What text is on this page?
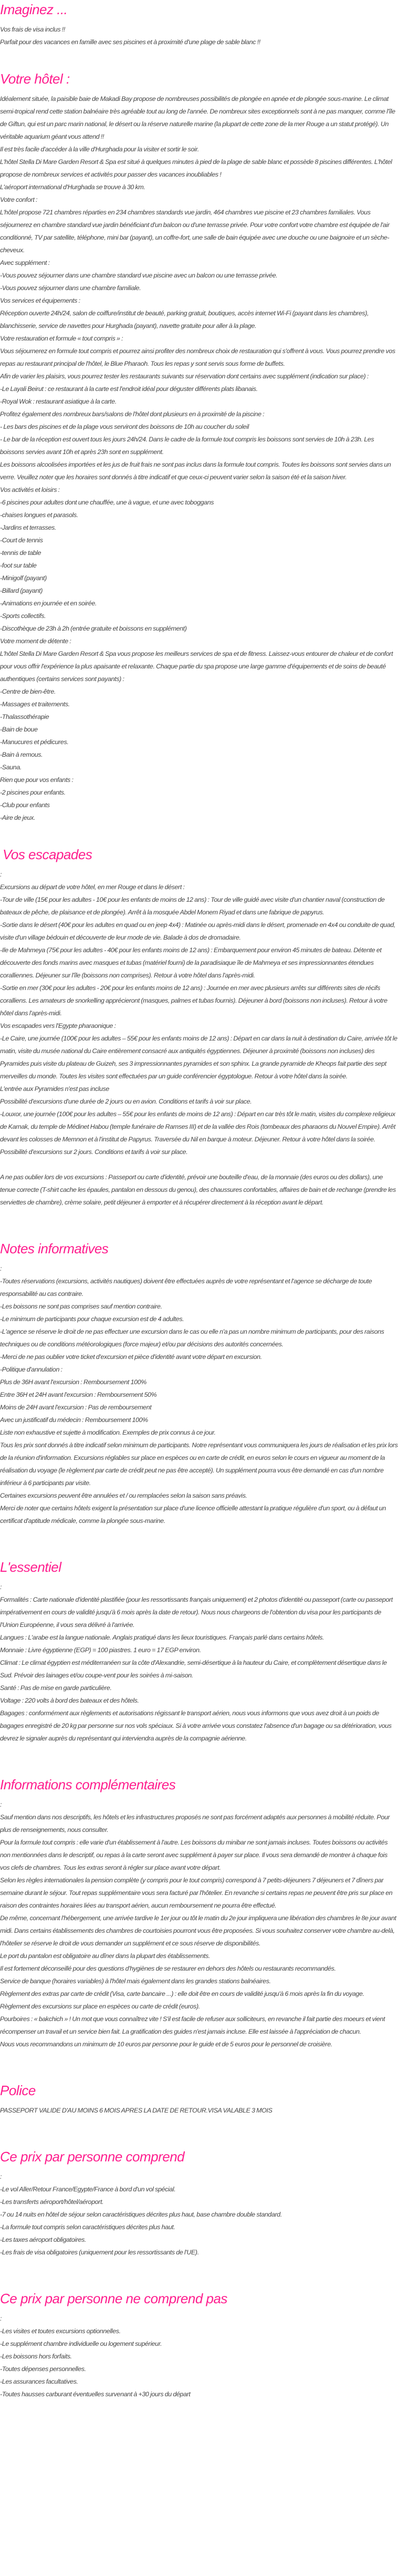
Imaginez ...
Vos frais de visa inclus !!
Parfait pour des vacances en famille avec ses piscines et à proximité d'une plage de sable blanc !!
Votre hôtel :
Idéalement située, la paisible baie de Makadi Bay propose de nombreuses possibilités de plongée en apnée et de plongée sous-marine. Le climat semi-tropical rend cette station balnéaire très agréable tout au long de l'année. De nombreux sites exceptionnels sont à ne pas manquer, comme l'île de Giftun, qui est un parc marin national, le désert ou la réserve naturelle marine (la plupart de cette zone de la mer Rouge a un statut protégé). Un véritable aquarium géant vous attend !!
Il est très facile d'accéder à la ville d'Hurghada pour la visiter et sortir le soir.
L'hôtel Stella Di Mare Garden Resort & Spa est situé à quelques minutes à pied de la plage de sable blanc et possède 8 piscines différentes. L'hôtel propose de nombreux services et activités pour passer des vacances inoubliables !
L'aéroport international d'Hurghada se trouve à 30 km.
Votre confort :
L'hôtel propose 721 chambres réparties en 234 chambres standards vue jardin, 464 chambres vue piscine et 23 chambres familiales. Vous séjournerez en chambre standard vue jardin bénéficiant d'un balcon ou d'une terrasse privée. Pour votre confort votre chambre est équipée de l'air conditionné, TV par satellite, téléphone, mini bar (payant), un coffre-fort, une salle de bain équipée avec une douche ou une baignoire et un sèche-cheveux.
Avec supplément :
-Vous pouvez séjourner dans une chambre standard vue piscine avec un balcon ou une terrasse privée.
-Vous pouvez séjourner dans une chambre familiale.
Vos services et équipements :
Réception ouverte 24h/24, salon de coiffure/institut de beauté, parking gratuit, boutiques, accès internet Wi-Fi (payant dans les chambres), blanchisserie, service de navettes pour Hurghada (payant), navette gratuite pour aller à la plage.
Votre restauration et formule « tout compris » :
Vous séjournerez en formule tout compris et pourrez ainsi profiter des nombreux choix de restauration qui s'offrent à vous. Vous pourrez prendre vos repas au restaurant principal de l'hôtel, le Blue Pharaoh. Tous les repas y sont servis sous forme de buffets.
Afin de varier les plaisirs, vous pourrez tester les restaurants suivants sur réservation dont certains avec supplément (indication sur place) :
-Le Layali Beirut : ce restaurant à la carte est l'endroit idéal pour déguster différents plats libanais.
-Royal Wok : restaurant asiatique à la carte.
Profitez également des nombreux bars/salons de l'hôtel dont plusieurs en à proximité de la piscine :
- Les bars des piscines et de la plage vous serviront des boissons de 10h au coucher du soleil
- Le bar de la réception est ouvert tous les jours 24h/24. Dans le cadre de la formule tout compris les boissons sont servies de 10h à 23h. Les boissons servies avant 10h et après 23h sont en supplément.
Les boissons alcoolisées importées et les jus de fruit frais ne sont pas inclus dans la formule tout compris. Toutes les boissons sont servies dans un verre. Veuillez noter que les horaires sont donnés à titre indicatif et que ceux-ci peuvent varier selon la saison été et la saison hiver.
Vos activités et loisirs :
-6 piscines pour adultes dont une chauffée, une à vague, et une avec toboggans
-chaises longues et parasols.
-Jardins et terrasses.
-Court de tennis
-tennis de table
-foot sur table
-Minigolf (payant)
-Billard (payant)
-Animations en journée et en soirée.
-Sports collectifs.
-Discothèque de 23h à 2h (entrée gratuite et boissons en supplément)
Votre moment de détente :
L'hôtel Stella Di Mare Garden Resort & Spa vous propose les meilleurs services de spa et de fitness. Laissez-vous entourer de chaleur et de confort pour vous offrir l'expérience la plus apaisante et relaxante. Chaque partie du spa propose une large gamme d'équipements et de soins de beauté authentiques (certains services sont payants) :
-Centre de bien-être.
-Massages et traitements.
-Thalassothérapie
-Bain de boue
-Manucures et pédicures.
-Bain à remous.
-Sauna.
Rien que pour vos enfants :
-2 piscines pour enfants.
-Club pour enfants
-Aire de jeux.
Vos escapades
:
Excursions au départ de votre hôtel, en mer Rouge et dans le désert :
-Tour de ville (15€ pour les adultes - 10€ pour les enfants de moins de 12 ans) : Tour de ville guidé avec visite d'un chantier naval (construction de bateaux de pêche, de plaisance et de plongée). Arrêt à la mosquée Abdel Monem Riyad et dans une fabrique de papyrus.
-Sortie dans le désert (40€ pour les adultes en quad ou en jeep 4x4) : Matinée ou après-midi dans le désert, promenade en 4x4 ou conduite de quad, visite d'un village bédouin et découverte de leur mode de vie. Balade à dos de dromadaire.
-Ile de Mahmeya (75€ pour les adultes - 40€ pour les enfants moins de 12 ans) : Embarquement pour environ 45 minutes de bateau. Détente et découverte des fonds marins avec masques et tubas (matériel fourni) de la paradisiaque île de Mahmeya et ses impressionnantes étendues coralliennes. Déjeuner sur l'île (boissons non comprises). Retour à votre hôtel dans l'après-midi.
-Sortie en mer (30€ pour les adultes - 20€ pour les enfants moins de 12 ans) : Journée en mer avec plusieurs arrêts sur différents sites de récifs coralliens. Les amateurs de snorkelling apprécieront (masques, palmes et tubas fournis). Déjeuner à bord (boissons non incluses). Retour à votre hôtel dans l'après-midi.
Vos escapades vers l'Egypte pharaonique :
-Le Caire, une journée (100€ pour les adultes – 55€ pour les enfants moins de 12 ans) : Départ en car dans la nuit à destination du Caire, arrivée tôt le matin, visite du musée national du Caire entièrement consacré aux antiquités égyptiennes. Déjeuner à proximité (boissons non incluses) des Pyramides puis visite du plateau de Guizeh, ses 3 impressionnantes pyramides et son sphinx. La grande pyramide de Kheops fait partie des sept merveilles du monde. Toutes les visites sont effectuées par un guide conférencier égyptologue. Retour à votre hôtel dans la soirée.
L'entrée aux Pyramides n'est pas incluse
Possibilité d'excursions d'une durée de 2 jours ou en avion. Conditions et tarifs à voir sur place.
-Louxor, une journée (100€ pour les adultes – 55€ pour les enfants de moins de 12 ans) : Départ en car très tôt le matin, visites du complexe religieux de Karnak, du temple de Médinet Habou (temple funéraire de Ramses III) et de la vallée des Rois (tombeaux des pharaons du Nouvel Empire). Arrêt devant les colosses de Memnon et à l'institut de Papyrus. Traversée du Nil en barque à moteur. Déjeuner. Retour à votre hôtel dans la soirée.
Possibilité d'excursions sur 2 jours. Conditions et tarifs à voir sur place.

A ne pas oublier lors de vos excursions : Passeport ou carte d'identité, prévoir une bouteille d'eau, de la monnaie (des euros ou des dollars), une tenue correcte (T-shirt cache les épaules, pantalon en dessous du genou), des chaussures confortables, affaires de bain et de rechange (prendre les serviettes de chambre), crème solaire, petit déjeuner à emporter et à récupérer directement à la réception avant le départ.

Notes informatives
:
-Toutes réservations (excursions, activités nautiques) doivent être effectuées auprès de votre représentant et l'agence se décharge de toute responsabilité au cas contraire.
-Les boissons ne sont pas comprises sauf mention contraire.
-Le minimum de participants pour chaque excursion est de 4 adultes.
-L'agence se réserve le droit de ne pas effectuer une excursion dans le cas ou elle n'a pas un nombre minimum de participants, pour des raisons techniques ou de conditions météorologiques (force majeur) et/ou par décisions des autorités concernées.
-Merci de ne pas oublier votre ticket d'excursion et pièce d'identité avant votre départ en excursion.
-Politique d'annulation :
Plus de 36H avant l'excursion : Remboursement 100%
Entre 36H et 24H avant l'excursion : Remboursement 50%
Moins de 24H avant l'excursion : Pas de remboursement
Avec un justificatif du médecin : Remboursement 100%
Liste non exhaustive et sujette à modification. Exemples de prix connus à ce jour.
Tous les prix sont donnés à titre indicatif selon minimum de participants. Notre représentant vous communiquera les jours de réalisation et les prix lors de la réunion d'information. Excursions réglables sur place en espèces ou en carte de crédit, en euros selon le cours en vigueur au moment de la réalisation du voyage (le règlement par carte de crédit peut ne pas être accepté). Un supplément pourra vous être demandé en cas d'un nombre inférieur à 6 participants par visite.
Certaines excursions peuvent être annulées et / ou remplacées selon la saison sans préavis.
Merci de noter que certains hôtels exigent la présentation sur place d'une licence officielle attestant la pratique régulière d'un sport, ou à défaut un certificat d'aptitude médicale, comme la plongée sous-marine.
L'essentiel
:
Formalités : Carte nationale d'identité plastifiée (pour les ressortissants français uniquement) et 2 photos d'identité ou passeport (carte ou passeport impérativement en cours de validité jusqu'à 6 mois après la date de retour). Nous nous chargeons de l'obtention du visa pour les participants de l'Union Européenne, il vous sera délivré à l'arrivée.
Langues : L'arabe est la langue nationale. Anglais pratiqué dans les lieux touristiques. Français parlé dans certains hôtels.
Monnaie : Livre égyptienne (EGP) = 100 piastres. 1 euro = 17 EGP environ.
Climat : Le climat égyptien est méditerranéen sur la côte d'Alexandrie, semi-désertique à la hauteur du Caire, et complètement désertique dans le Sud. Prévoir des lainages et/ou coupe-vent pour les soirées à mi-saison.
Santé : Pas de mise en garde particulière.
Voltage : 220 volts à bord des bateaux et des hôtels.
Bagages : conformément aux règlements et autorisations régissant le transport aérien, nous vous informons que vous avez droit à un poids de bagages enregistré de 20 kg par personne sur nos vols spéciaux. Si à votre arrivée vous constatez l'absence d'un bagage ou sa détérioration, vous devrez le signaler auprès du représentant qui interviendra auprès de la compagnie aérienne.
Informations complémentaires
:
Sauf mention dans nos descriptifs, les hôtels et les infrastructures proposés ne sont pas forcément adaptés aux personnes à mobilité réduite. Pour plus de renseignements, nous consulter.
Pour la formule tout compris : elle varie d'un établissement à l'autre. Les boissons du minibar ne sont jamais incluses. Toutes boissons ou activités non mentionnées dans le descriptif, ou repas à la carte seront avec supplément à payer sur place. Il vous sera demandé de montrer à chaque fois vos clefs de chambres. Tous les extras seront à régler sur place avant votre départ.
Selon les règles internationales la pension complète (y compris pour le tout compris) correspond à 7 petits-déjeuners 7 déjeuners et 7 dîners par semaine durant le séjour. Tout repas supplémentaire vous sera facturé par l'hôtelier. En revanche si certains repas ne peuvent être pris sur place en raison des contraintes horaires liées au transport aérien, aucun remboursement ne pourra être effectué.
De même, concernant l'hébergement, une arrivée tardive le 1er jour ou tôt le matin du 2e jour impliquera une libération des chambres le 8e jour avant midi. Dans certains établissements des chambres de courtoisies pourront vous être proposées. Si vous souhaitez conserver votre chambre au-delà, l'hôtelier se réserve le droit de vous demander un supplément et ce sous réserve de disponibilités.
Le port du pantalon est obligatoire au dîner dans la plupart des établissements.
Il est fortement déconseillé pour des questions d'hygiènes de se restaurer en dehors des hôtels ou restaurants recommandés.
Service de banque (horaires variables) à l'hôtel mais également dans les grandes stations balnéaires.
Règlement des extras par carte de crédit (Visa, carte bancaire ...) : elle doit être en cours de validité jusqu'à 6 mois après la fin du voyage.
Règlement des excursions sur place en espèces ou carte de crédit (euros).
Pourboires : « bakchich » ! Un mot que vous connaîtrez vite ! S'il est facile de refuser aux solliciteurs, en revanche il fait partie des moeurs et vient récompenser un travail et un service bien fait. La gratification des guides n'est jamais incluse. Elle est laissée à l'appréciation de chacun.
Nous vous recommandons un minimum de 10 euros par personne pour le guide et de 5 euros pour le personnel de croisière.
Police
PASSEPORT VALIDE D'AU MOINS 6 MOIS APRES LA DATE DE RETOUR.VISA VALABLE 3 MOIS
Ce prix par personne comprend
:
-Le vol Aller/Retour France/Egypte/France à bord d'un vol spécial.
-Les transferts aéroport/hôtel/aéroport.
-7 ou 14 nuits en hôtel de séjour selon caractéristiques décrites plus haut, base chambre double standard.
-La formule tout compris selon caractéristiques décrites plus haut.
-Les taxes aéroport obligatoires.
-Les frais de visa obligatoires (uniquement pour les ressortissants de l'UE).
Ce prix par personne ne comprend pas
:
-Les visites et toutes excursions optionnelles.
-Le supplément chambre individuelle ou logement supérieur.
-Les boissons hors forfaits.
-Toutes dépenses personnelles.
-Les assurances facultatives.
-Toutes hausses carburant éventuelles survenant à +30 jours du départ
